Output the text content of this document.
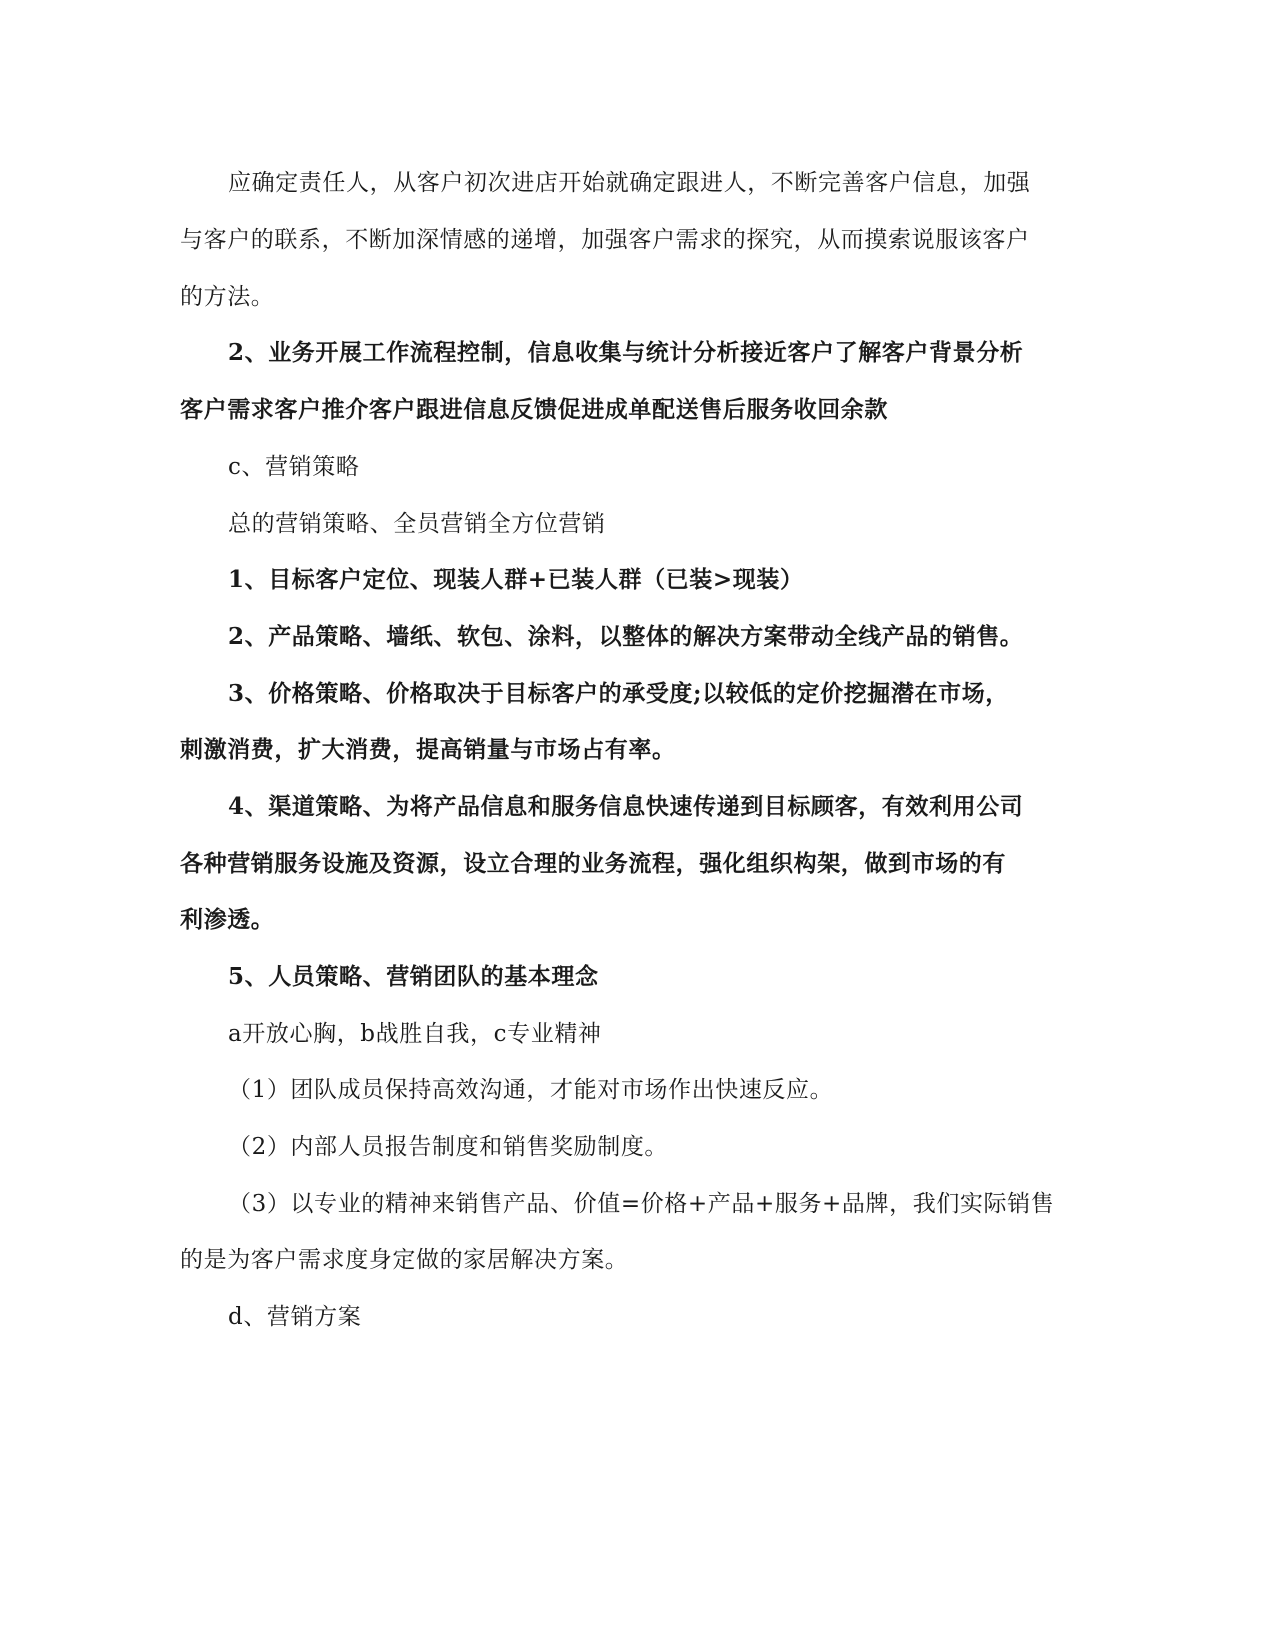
应确定责任人，从客户初次进店开始就确定跟进人，不断完善客户信息，加强
与客户的联系，不断加深情感的递增，加强客户需求的探究，从而摸索说服该客户
的方法。
2、业务开展工作流程控制，信息收集与统计分析接近客户了解客户背景分析
客户需求客户推介客户跟进信息反馈促进成单配送售后服务收回余款
c、营销策略
总的营销策略、全员营销全方位营销
1、目标客户定位、现装人群+已装人群（已装>现装）
2、产品策略、墙纸、软包、涂料，以整体的解决方案带动全线产品的销售。
3、价格策略、价格取决于目标客户的承受度;以较低的定价挖掘潜在市场，
刺激消费，扩大消费，提高销量与市场占有率。
4、渠道策略、为将产品信息和服务信息快速传递到目标顾客，有效利用公司
各种营销服务设施及资源，设立合理的业务流程，强化组织构架，做到市场的有
利渗透。
5、人员策略、营销团队的基本理念
a开放心胸，b战胜自我，c专业精神
（1）团队成员保持高效沟通，才能对市场作出快速反应。
（2）内部人员报告制度和销售奖励制度。
（3）以专业的精神来销售产品、价值=价格+产品+服务+品牌，我们实际销售
的是为客户需求度身定做的家居解决方案。
d、营销方案
